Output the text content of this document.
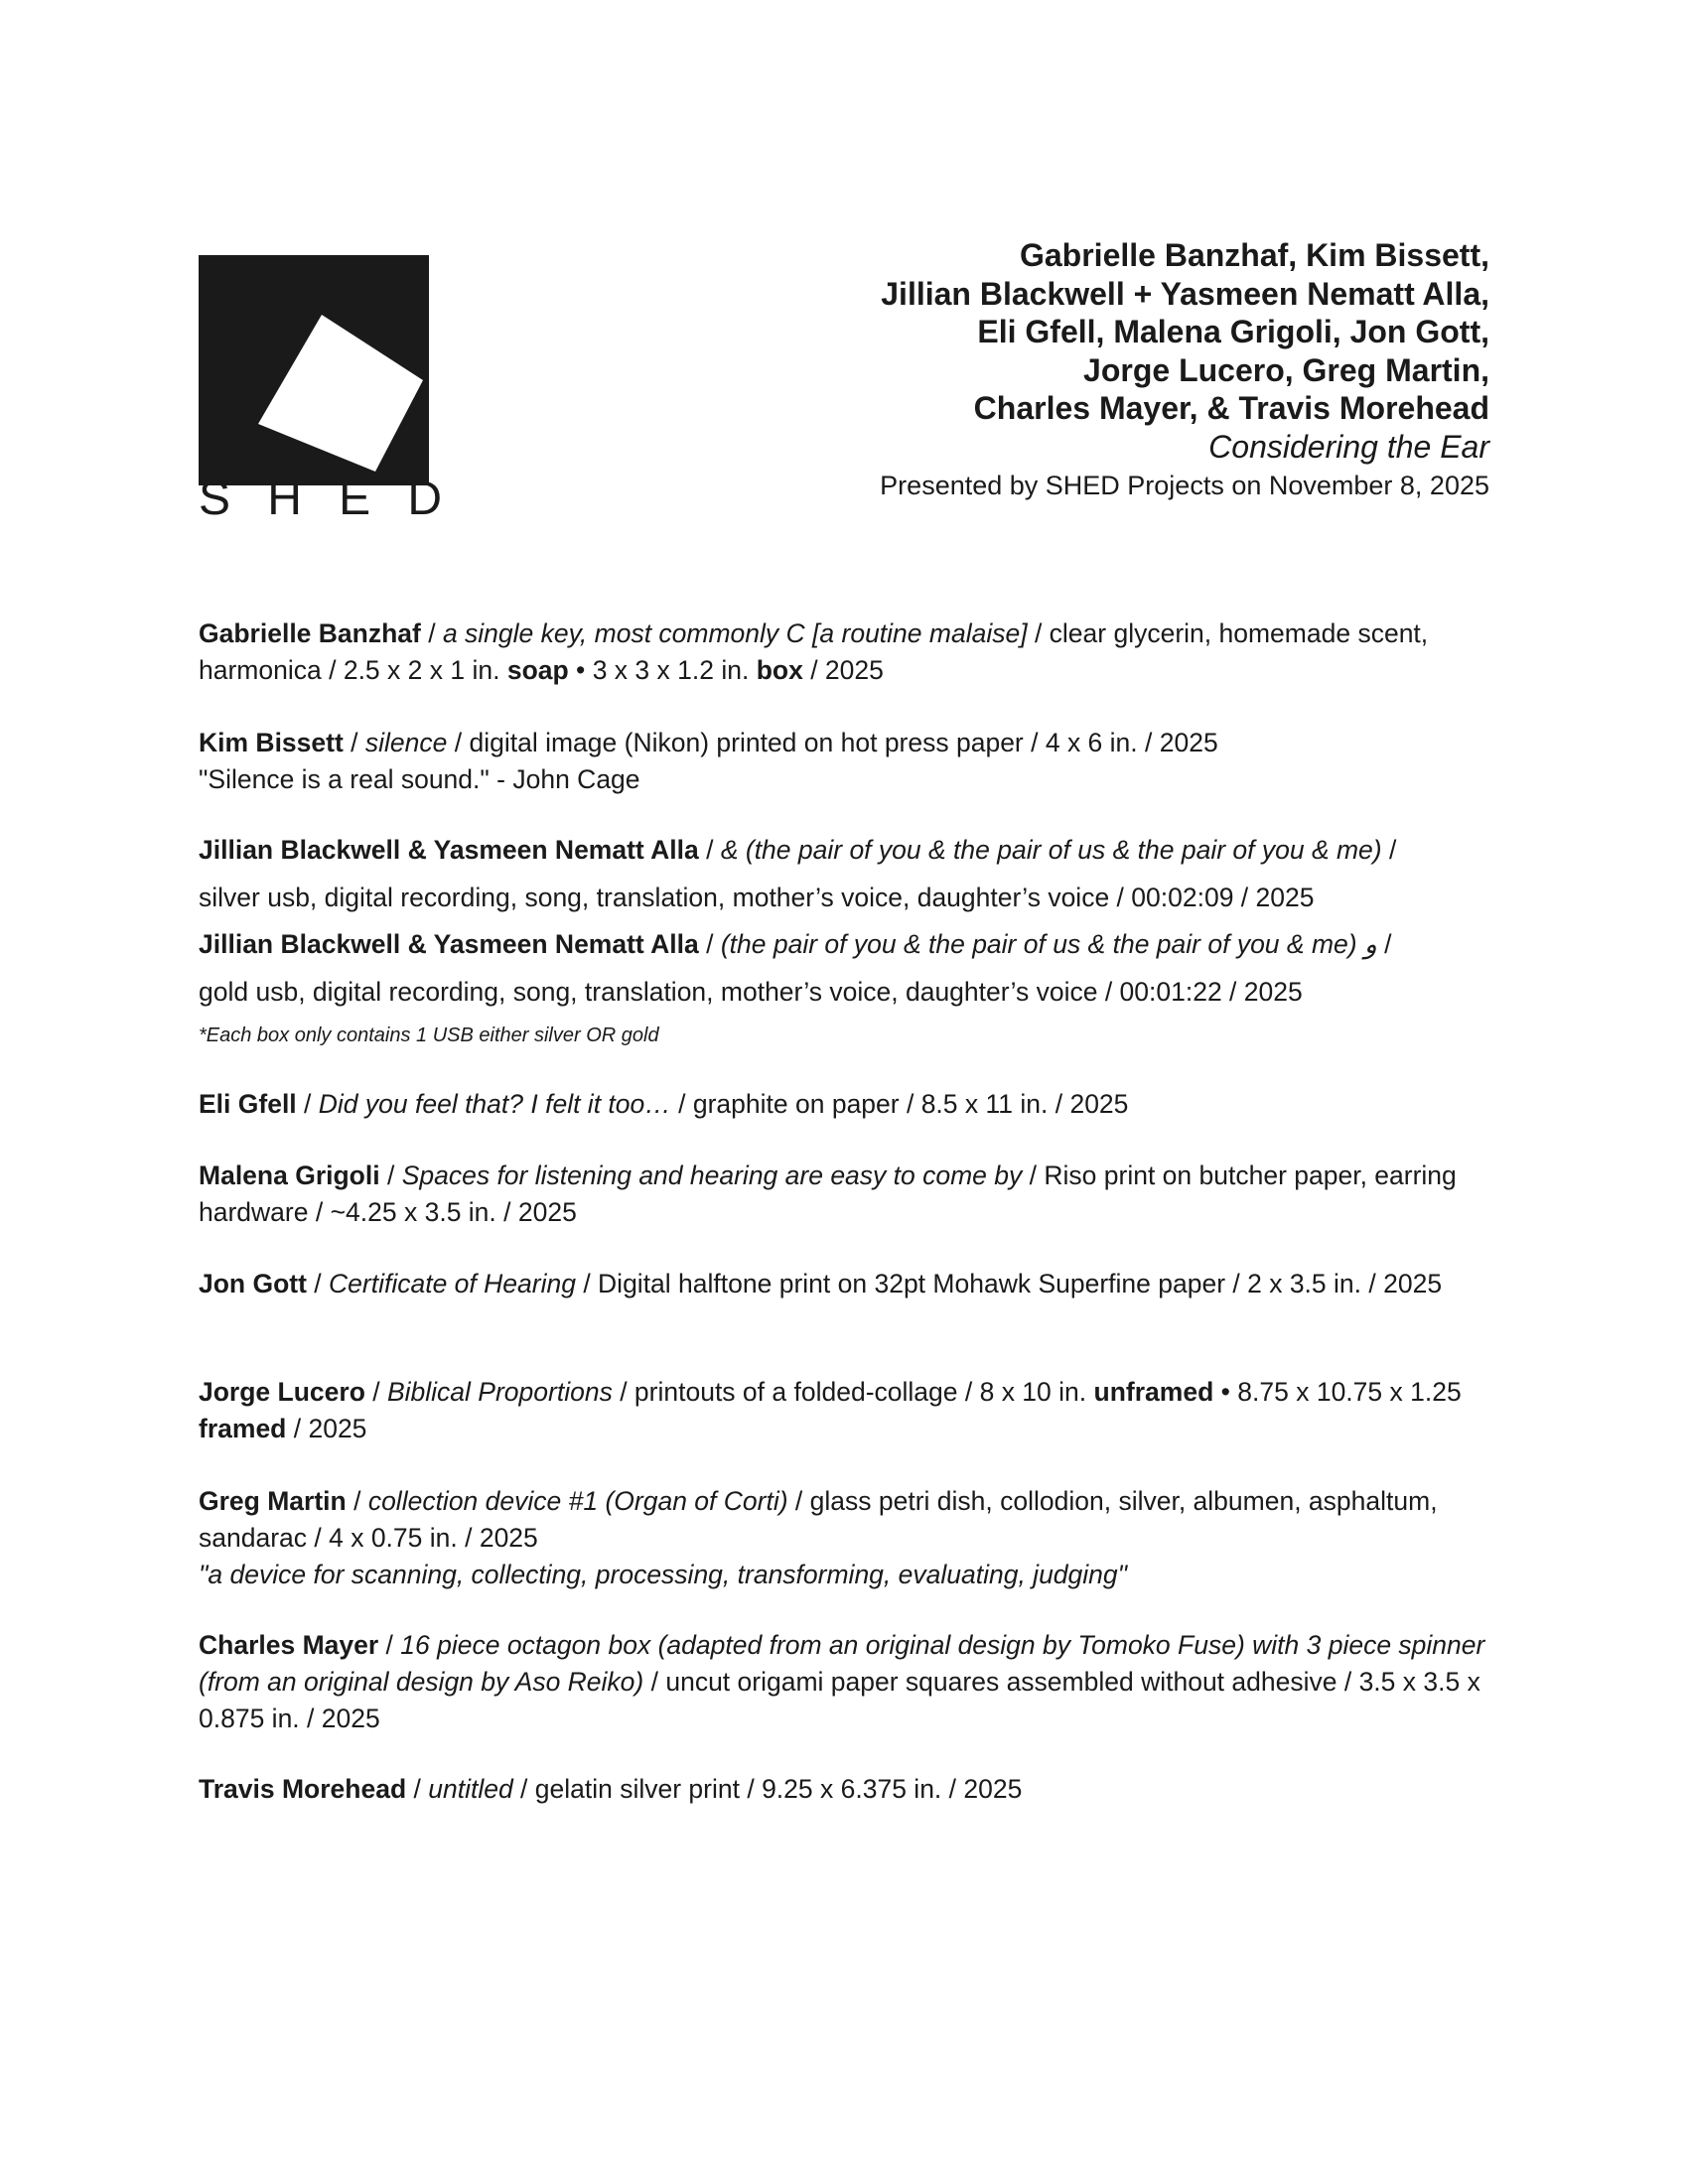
S H E D
Gabrielle Banzhaf, Kim Bissett,
Jillian Blackwell + Yasmeen Nematt Alla,
Eli Gfell, Malena Grigoli, Jon Gott,
Jorge Lucero, Greg Martin,
Charles Mayer, & Travis Morehead
Considering the Ear
Presented by SHED Projects on November 8, 2025

Gabrielle Banzhaf / a single key, most commonly C [a routine malaise] / clear glycerin, homemade scent, harmonica / 2.5 x 2 x 1 in. soap • 3 x 3 x 1.2 in. box / 2025

Kim Bissett / silence / digital image (Nikon) printed on hot press paper / 4 x 6 in. / 2025

"Silence is a real sound." - John Cage

Jillian Blackwell & Yasmeen Nematt Alla / & (the pair of you & the pair of us & the pair of you & me) /

silver usb, digital recording, song, translation, mother’s voice, daughter’s voice / 00:02:09 / 2025

Jillian Blackwell & Yasmeen Nematt Alla / (the pair of you & the pair of us & the pair of you & me) و /

gold usb, digital recording, song, translation, mother’s voice, daughter’s voice / 00:01:22 / 2025

*Each box only contains 1 USB either silver OR gold

Eli Gfell / Did you feel that? I felt it too… / graphite on paper / 8.5 x 11 in. / 2025

Malena Grigoli / Spaces for listening and hearing are easy to come by / Riso print on butcher paper, earring hardware / ~4.25 x 3.5 in. / 2025

Jon Gott / Certificate of Hearing / Digital halftone print on 32pt Mohawk Superfine paper / 2 x 3.5 in. / 2025

Jorge Lucero / Biblical Proportions / printouts of a folded-collage / 8 x 10 in. unframed • 8.75 x 10.75 x 1.25  framed / 2025

Greg Martin / collection device #1 (Organ of Corti) / glass petri dish, collodion, silver, albumen, asphaltum, sandarac / 4 x 0.75 in. / 2025

"a device for scanning, collecting, processing, transforming, evaluating, judging"

Charles Mayer / 16 piece octagon box (adapted from an original design by Tomoko Fuse) with 3 piece spinner (from an original design by Aso Reiko) / uncut origami paper squares assembled without adhesive / 3.5 x 3.5 x 0.875 in. / 2025

Travis Morehead / untitled / gelatin silver print / 9.25 x 6.375 in. / 2025
